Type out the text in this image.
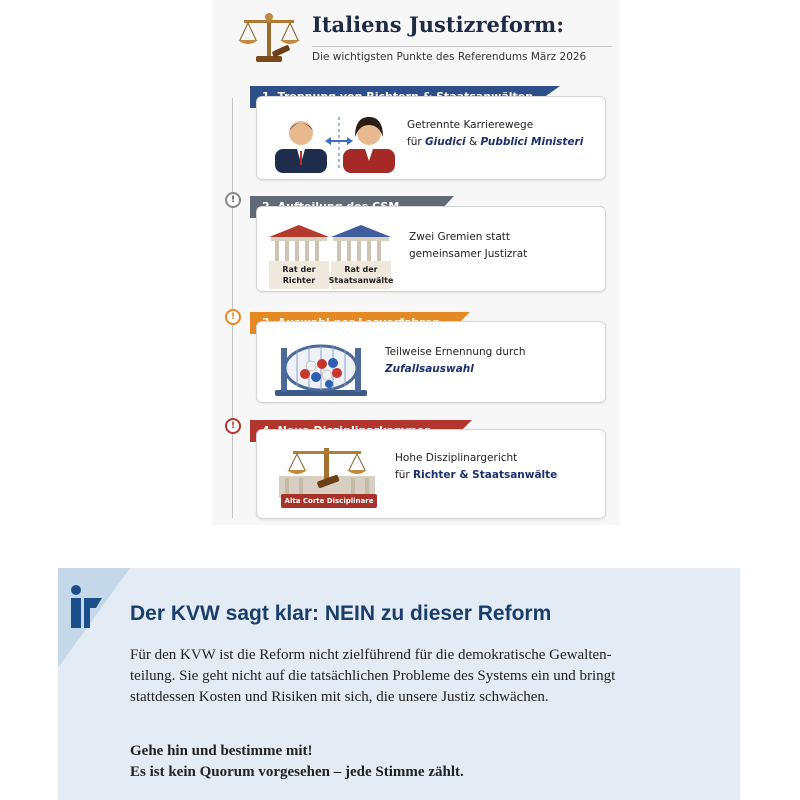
Italiens Justizreform:
Die wichtigsten Punkte des Referendums März 2026
Getrennte Karrierewege
für Giudici & Pubblici Ministeri
!
Rat der
Richter
Rat der
Staatsanwälte
Zwei Gremien statt
gemeinsamer Justizrat
!
Teilweise Ernennung durch
Zufallsauswahl
!
Alta Corte Disciplinare
Hohe Disziplinargericht
für Richter & Staatsanwälte
Der KVW sagt klar: NEIN zu dieser Reform
Für den KVW ist die Reform nicht zielführend für die demokratische Gewalten-
teilung. Sie geht nicht auf die tatsächlichen Probleme des Systems ein und bringt
stattdessen Kosten und Risiken mit sich, die unsere Justiz schwächen.
Gehe hin und bestimme mit!
Es ist kein Quorum vorgesehen – jede Stimme zählt.
